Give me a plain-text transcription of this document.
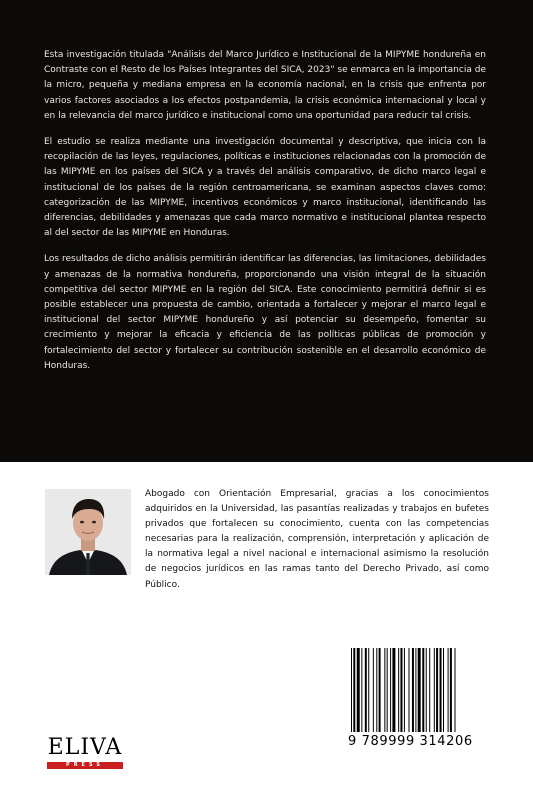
Esta investigación titulada "Análisis del Marco Jurídico e Institucional de la MIPYME hondureña en Contraste con el Resto de los Países Integrantes del SICA, 2023" se enmarca en la importancia de la micro, pequeña y mediana empresa en la economía nacional, en la crisis que enfrenta por varios factores asociados a los efectos postpandemia, la crisis económica internacional y local y en la relevancia del marco jurídico e institucional como una oportunidad para reducir tal crisis.

El estudio se realiza mediante una investigación documental y descriptiva, que inicia con la recopilación de las leyes, regulaciones, políticas e instituciones relacionadas con la promoción de las MIPYME en los países del SICA y a través del análisis comparativo, de dicho marco legal e institucional de los países de la región centroamericana, se examinan aspectos claves como: categorización de las MIPYME, incentivos económicos y marco institucional, identificando las diferencias, debilidades y amenazas que cada marco normativo e institucional plantea respecto al del sector de las MIPYME en Honduras.

Los resultados de dicho análisis permitirán identificar las diferencias, las limitaciones, debilidades y amenazas de la normativa hondureña, proporcionando una visión integral de la situación competitiva del sector MIPYME en la región del SICA. Este conocimiento permitirá definir si es posible establecer una propuesta de cambio, orientada a fortalecer y mejorar el marco legal e institucional del sector MIPYME hondureño y así potenciar su desempeño, fomentar su crecimiento y mejorar la eficacia y eficiencia de las políticas públicas de promoción y fortalecimiento del sector y fortalecer su contribución sostenible en el desarrollo económico de Honduras.

Abogado con Orientación Empresarial, gracias a los conocimientos adquiridos en la Universidad, las pasantías realizadas y trabajos en bufetes privados que fortalecen su conocimiento, cuenta con las competencias necesarias para la realización, comprensión, interpretación y aplicación de la normativa legal a nivel nacional e internacional asimismo la resolución de negocios jurídicos en las ramas tanto del Derecho Privado, así como Público.

9 789999 314206
ELIVA
PRESS
